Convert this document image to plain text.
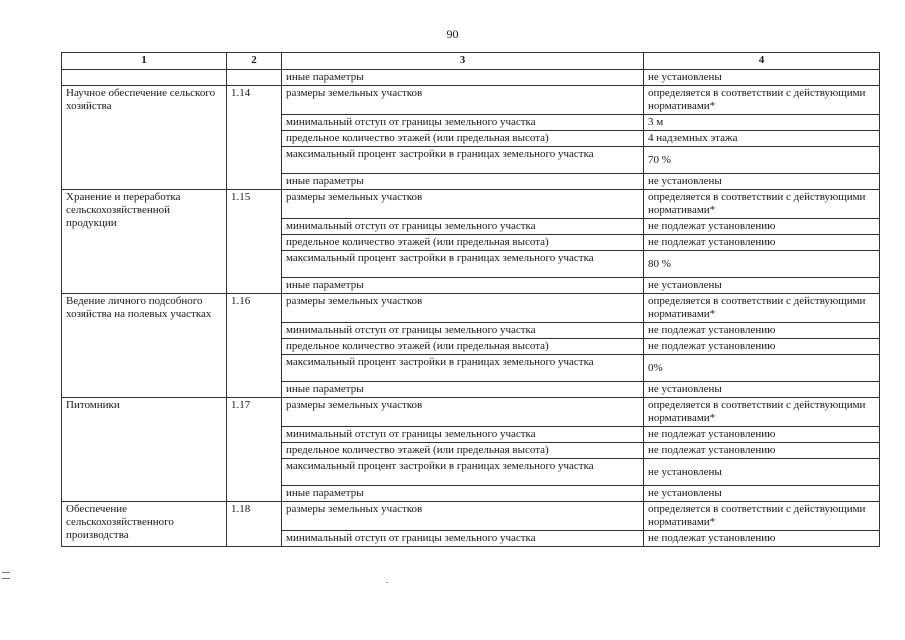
90
1	2	3	4
		иные параметры	не установлены
Научное обеспечение сельского хозяйства	1.14	размеры земельных участков	определяется в соответствии с действующими нормативами*
		минимальный отступ от границы земельного участка	3 м
		предельное количество этажей (или предельная высота)	4 надземных этажа
		максимальный процент застройки в границах земельного участка	70 %
		иные параметры	не установлены
Хранение и переработка сельскохозяйственной продукции	1.15	размеры земельных участков	определяется в соответствии с действующими нормативами*
		минимальный отступ от границы земельного участка	не подлежат установлению
		предельное количество этажей (или предельная высота)	не подлежат установлению
		максимальный процент застройки в границах земельного участка	80 %
		иные параметры	не установлены
Ведение личного подсобного хозяйства на полевых участках	1.16	размеры земельных участков	определяется в соответствии с действующими нормативами*
		минимальный отступ от границы земельного участка	не подлежат установлению
		предельное количество этажей (или предельная высота)	не подлежат установлению
		максимальный процент застройки в границах земельного участка	0%
		иные параметры	не установлены
Питомники	1.17	размеры земельных участков	определяется в соответствии с действующими нормативами*
		минимальный отступ от границы земельного участка	не подлежат установлению
		предельное количество этажей (или предельная высота)	не подлежат установлению
		максимальный процент застройки в границах земельного участка	не установлены
		иные параметры	не установлены
Обеспечение сельскохозяйственного производства	1.18	размеры земельных участков	определяется в соответствии с действующими нормативами*
		минимальный отступ от границы земельного участка	не подлежат установлению
